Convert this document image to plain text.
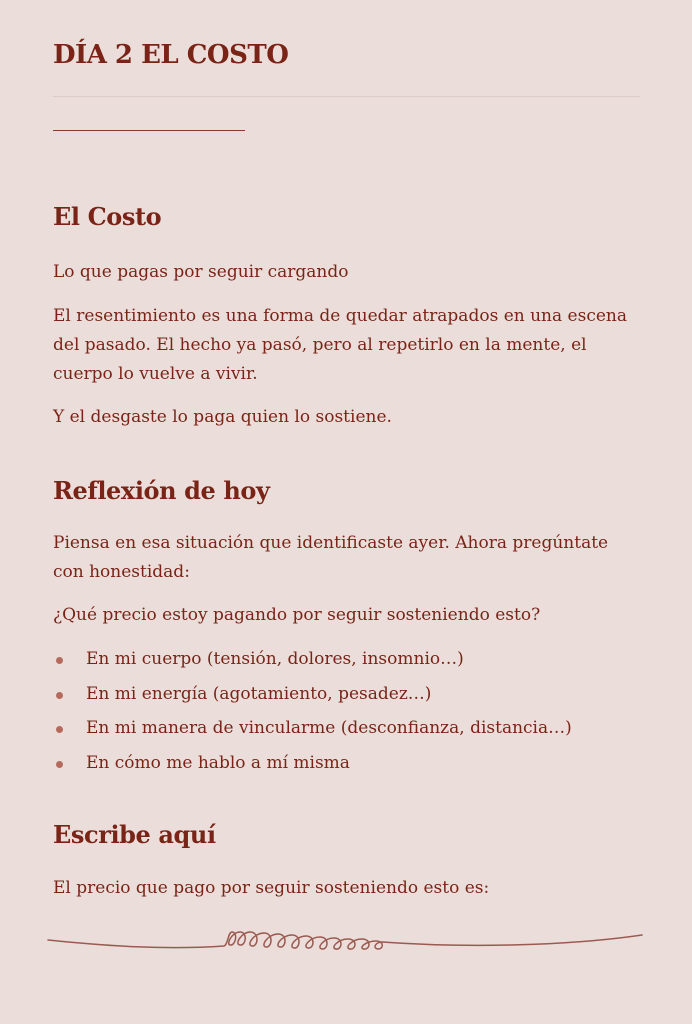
DÍA 2 EL COSTO
El Costo

Lo que pagas por seguir cargando

El resentimiento es una forma de quedar atrapados en una escena del pasado. El hecho ya pasó, pero al repetirlo en la mente, el cuerpo lo vuelve a vivir.

Y el desgaste lo paga quien lo sostiene.

Reflexión de hoy

Piensa en esa situación que identificaste ayer. Ahora pregúntate con honestidad:

¿Qué precio estoy pagando por seguir sosteniendo esto?

En mi cuerpo (tensión, dolores, insomnio…)
En mi energía (agotamiento, pesadez…)
En mi manera de vincularme (desconfianza, distancia…)
En cómo me hablo a mí misma
Escribe aquí

El precio que pago por seguir sosteniendo esto es:
